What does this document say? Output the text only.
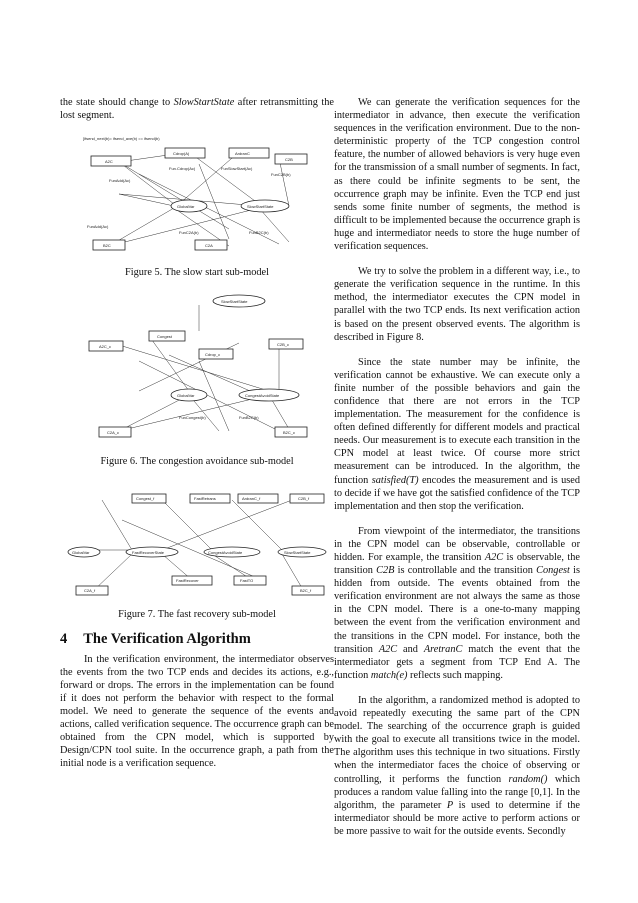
the state should change to SlowStartState after retransmitting the lost segment.

[ifsend_next(b)= ifsend_ave(b) == ifsend(b)
A2C
Cdrop(A)	ArdranC
C2B
Fun.Cdrop(Ac)
FunAdd(Ac)
FunSlowStart(Ac)
FunC2B(b)
GlobalVar	SlowStartState
FunAdd(Ac)
FunC2A(b)	FunB2C(b)
B2C	C2A
Figure 5. The slow start sub-model
SlowStartState
Congest
A2C_c	C2B_c
Cdrop_c
GlobalVar	CongestAvoidState
C2A_c	B2C_c
FunCongest(b)	FunB2C(b)
Figure 6. The congestion avoidance sub-model
Congest_f	FastRetrans	ArdranC_f	C2B_f
GlobalVar	FastRecoverState	CongestAvoidState	SlowStartState
C2A_f
FastRecover	FastTO
B2C_f
Figure 7. The fast recovery sub-model
4 The Verification Algorithm

In the verification environment, the intermediator observes the events from the two TCP ends and decides its actions, e.g., forward or drops. The errors in the implementation can be found if it does not perform the behavior with respect to the formal model. We need to generate the sequence of the events and actions, called verification sequence. The occurrence graph can be obtained from the CPN model, which is supported by Design/CPN tool suite. In the occurrence graph, a path from the initial node is a verification sequence.

We can generate the verification sequences for the intermediator in advance, then execute the verification sequences in the verification environment. Due to the non-deterministic property of the TCP congestion control feature, the number of allowed behaviors is very huge even for the transmission of a small number of segments. In fact, as there could be infinite segments to be sent, the occurrence graph may be infinite. Even the TCP end just sends some finite number of segments, the method is difficult to be implemented because the occurrence graph is huge and intermediator needs to store the huge number of verification sequences.

We try to solve the problem in a different way, i.e., to generate the verification sequence in the runtime. In this method, the intermediator executes the CPN model in parallel with the two TCP ends. Its next verification action is based on the present observed events. The algorithm is described in Figure 8.

Since the state number may be infinite, the verification cannot be exhaustive. We can execute only a finite number of the possible behaviors and gain the confidence that there are not errors in the TCP implementation. The measurement for the confidence is often defined differently for different models and practical needs. Our measurement is to execute each transition in the CPN model at least twice. Of course more strict measurement can be introduced. In the algorithm, the function satisfied(T) encodes the measurement and is used to decide if we have got the satisfied confidence of the TCP implementation and then stop the verification.

From viewpoint of the intermediator, the transitions in the CPN model can be observable, controllable or hidden. For example, the transition A2C is observable, the transition C2B is controllable and the transition Congest is hidden from outside. The events obtained from the verification environment are not always the same as those in the CPN model. There is a one-to-many mapping between the event from the verification environment and the transitions in the CPN model. For instance, both the transition A2C and AretranC match the event that the intermediator gets a segment from TCP End A. The function match(e) reflects such mapping.

In the algorithm, a randomized method is adopted to avoid repeatedly executing the same part of the CPN model. The searching of the occurrence graph is guided with the goal to execute all transitions twice in the model. The algorithm uses this technique in two situations. Firstly when the intermediator faces the choice of observing or controlling, it performs the function random() which produces a random value falling into the range [0,1]. In the algorithm, the parameter P is used to determine if the intermediator should be more active to perform actions or be more passive to wait for the outside events. Secondly
